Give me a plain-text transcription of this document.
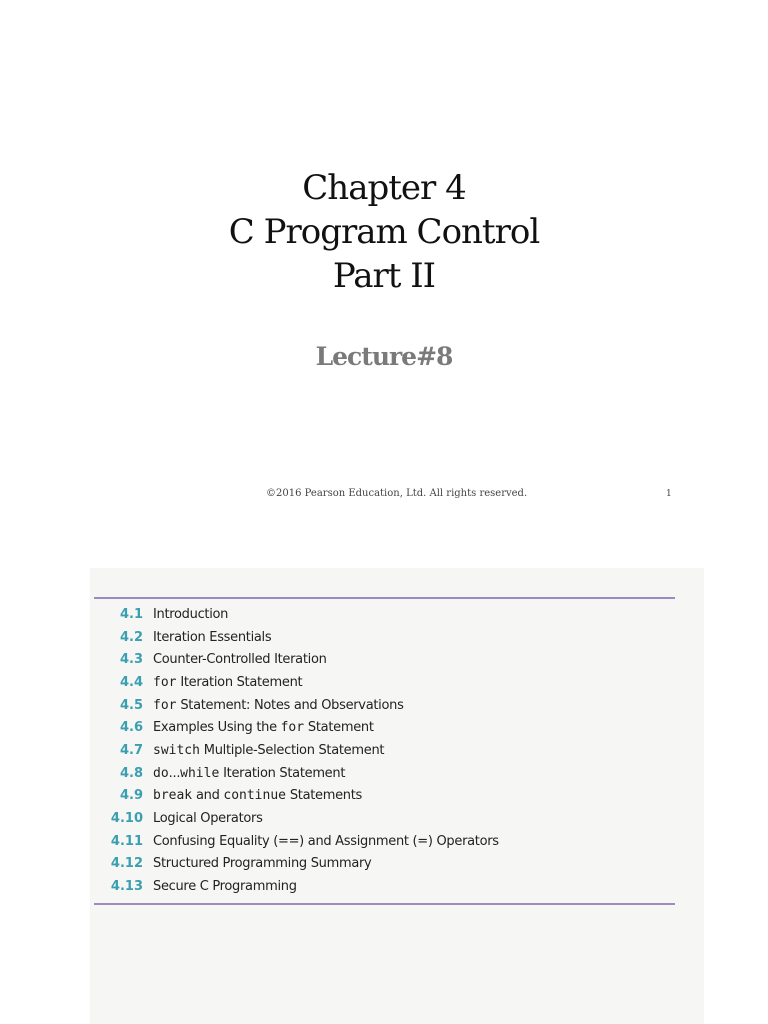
Chapter 4
C Program Control
Part II
Lecture#8
©2016 Pearson Education, Ltd. All rights reserved.	1
4.1 Introduction
4.2 Iteration Essentials
4.3 Counter-Controlled Iteration
4.4 for Iteration Statement
4.5 for Statement: Notes and Observations
4.6 Examples Using the for Statement
4.7 switch Multiple-Selection Statement
4.8 do...while Iteration Statement
4.9 break and continue Statements
4.10 Logical Operators
4.11 Confusing Equality (==) and Assignment (=) Operators
4.12 Structured Programming Summary
4.13 Secure C Programming
